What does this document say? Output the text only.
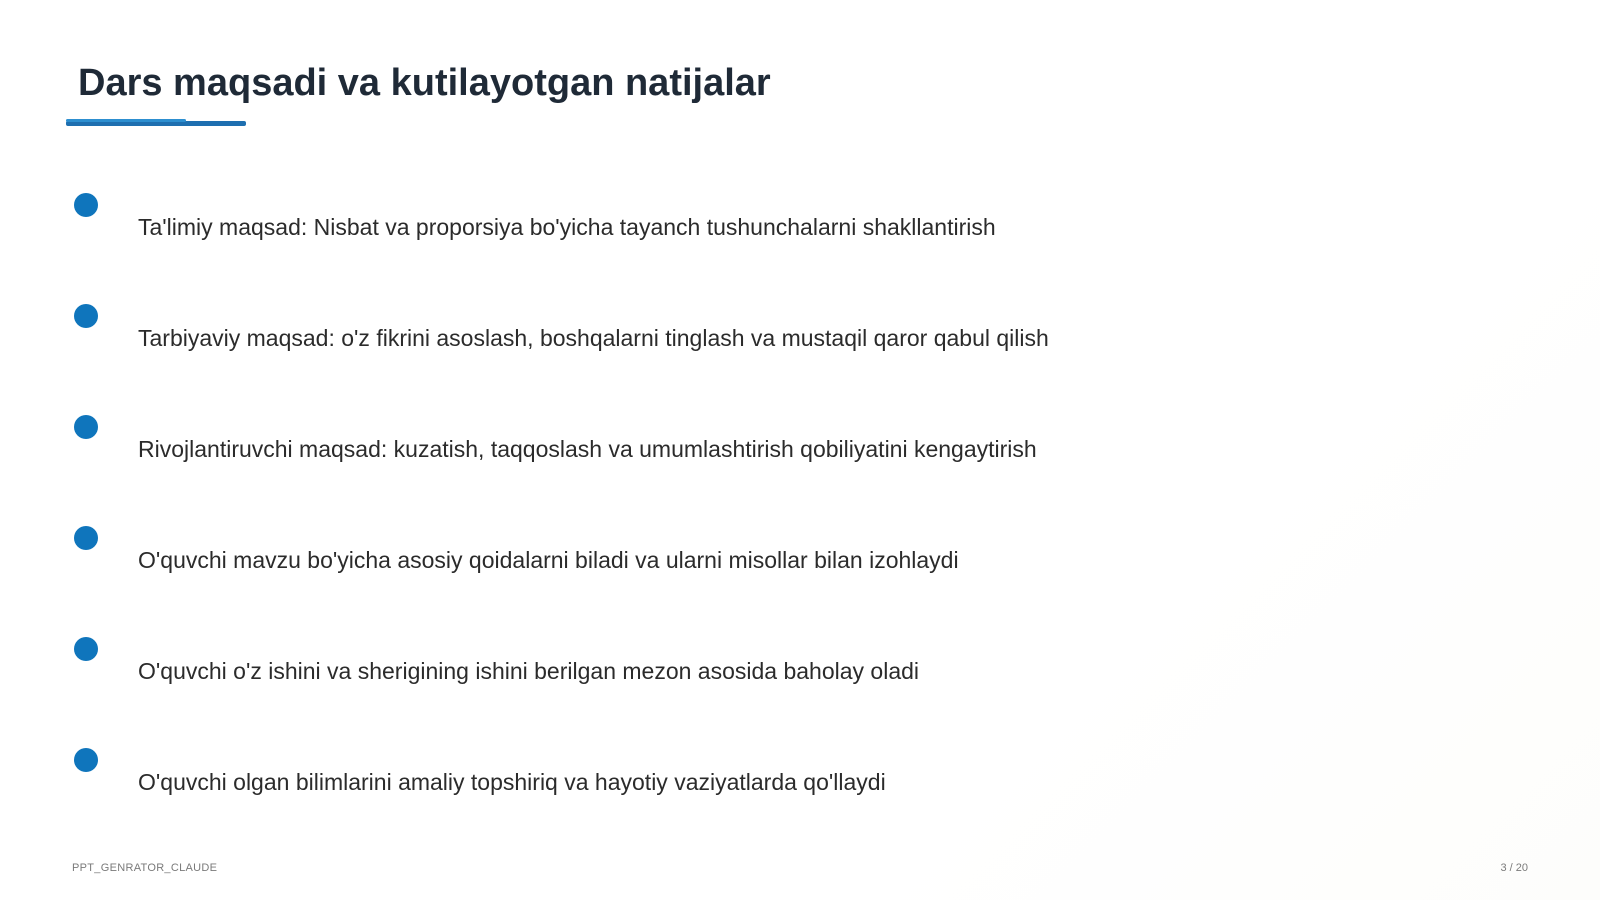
Dars maqsadi va kutilayotgan natijalar
Ta'limiy maqsad: Nisbat va proporsiya bo'yicha tayanch tushunchalarni shakllantirish
Tarbiyaviy maqsad: o'z fikrini asoslash, boshqalarni tinglash va mustaqil qaror qabul qilish
Rivojlantiruvchi maqsad: kuzatish, taqqoslash va umumlashtirish qobiliyatini kengaytirish
O'quvchi mavzu bo'yicha asosiy qoidalarni biladi va ularni misollar bilan izohlaydi
O'quvchi o'z ishini va sherigining ishini berilgan mezon asosida baholay oladi
O'quvchi olgan bilimlarini amaliy topshiriq va hayotiy vaziyatlarda qo'llaydi
PPT_GENRATOR_CLAUDE	3 / 20
